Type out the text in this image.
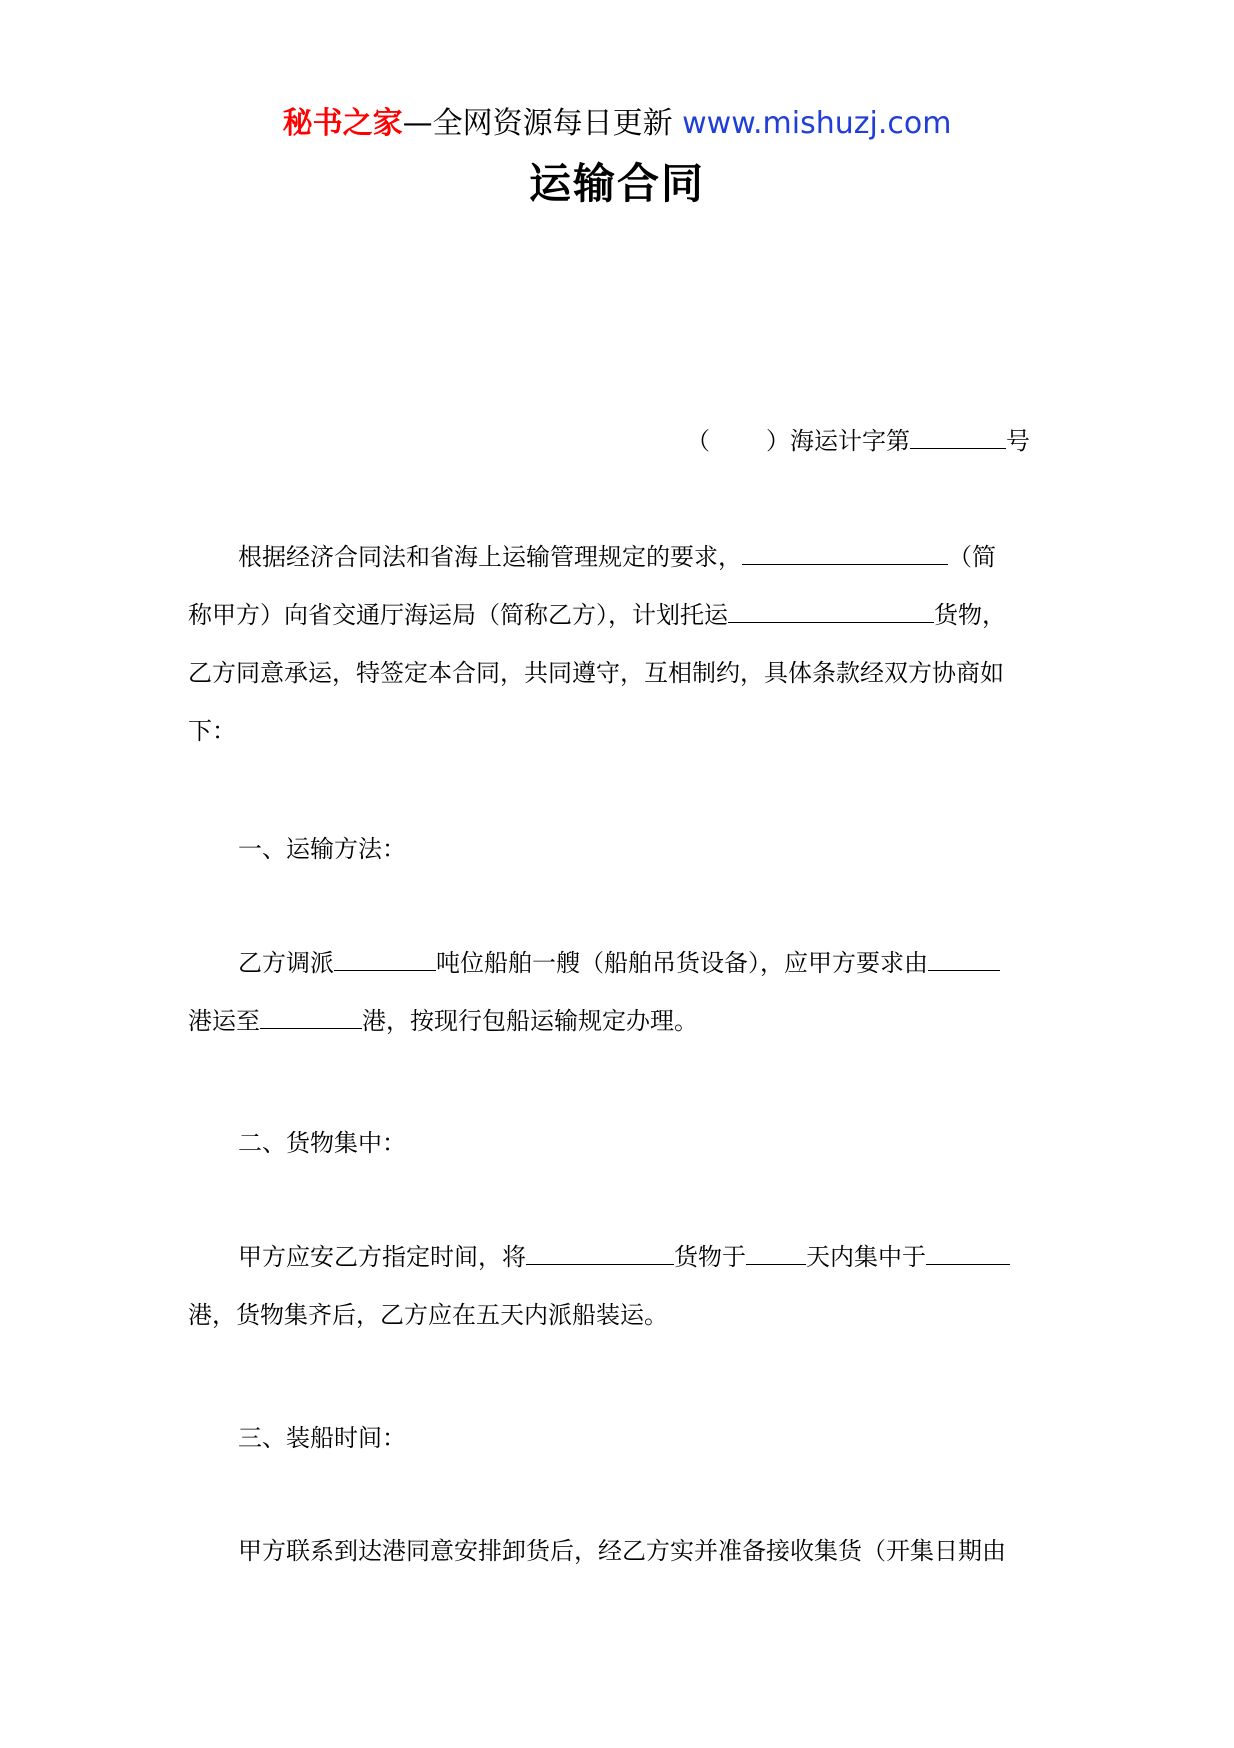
秘书之家—全网资源每日更新 www.mishuzj.com
运输合同
（ ）海运计字第	号
根据经济合同法和省海上运输管理规定的要求，	（简
称甲方）向省交通厅海运局（简称乙方），计划托运	货物，
乙方同意承运，特签定本合同，共同遵守，互相制约，具体条款经双方协商如
下：
一、运输方法：
乙方调派	吨位船舶一艘（船舶吊货设备），应甲方要求由
港运至	港，按现行包船运输规定办理。
二、货物集中：
甲方应安乙方指定时间，将	货物于	天内集中于
港，货物集齐后，乙方应在五天内派船装运。
三、装船时间：
甲方联系到达港同意安排卸货后，经乙方实并准备接收集货（开集日期由
